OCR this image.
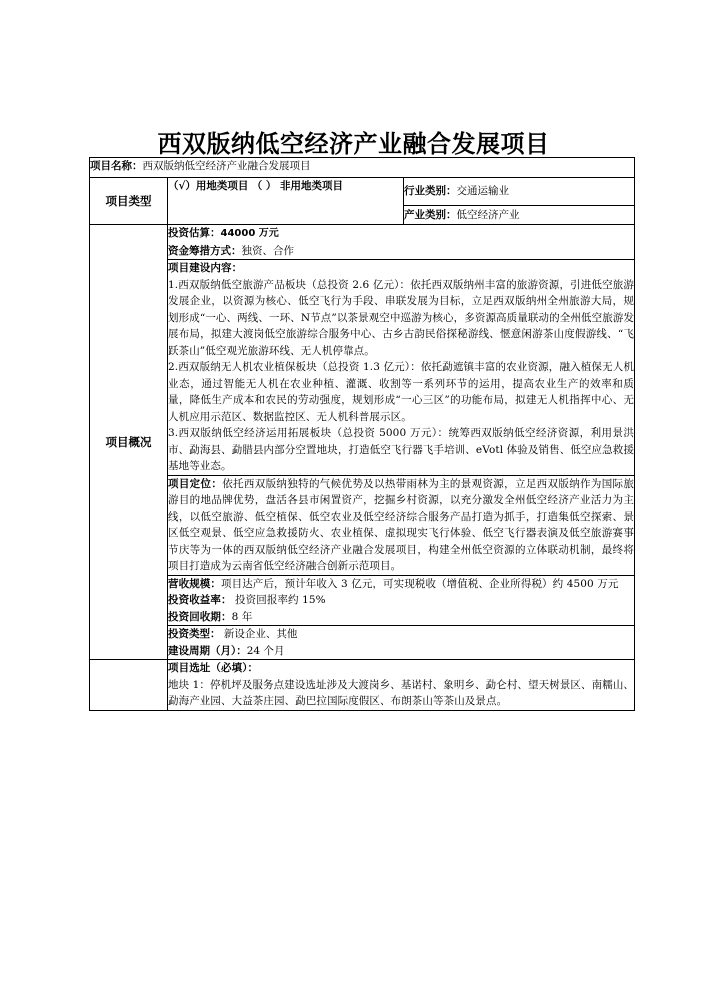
西双版纳低空经济产业融合发展项目
项目名称：西双版纳低空经济产业融合发展项目		
项目类型	（√）用地类项目 （ ） 非用地类项目	行业类别：交通运输业
		产业类别：低空经济产业
项目概况	投资估算：44000 万元
资金筹措方式：独资、合作	

	项目建设内容：
1.西双版纳低空旅游产品板块（总投资 2.6 亿元）：依托西双版纳州丰富的旅游资源，引进低空旅游发展企业，以资源为核心、低空飞行为手段、串联发展为目标，立足西双版纳州全州旅游大局，规划形成“一心、两线、一环、N节点”以茶景观空中巡游为核心，多资源高质量联动的全州低空旅游发展布局，拟建大渡岗低空旅游综合服务中心、古乡古韵民俗探秘游线、惬意闲游茶山度假游线、“飞跃茶山”低空观光旅游环线、无人机停靠点。
2.西双版纳无人机农业植保板块（总投资 1.3 亿元）：依托勐遮镇丰富的农业资源，融入植保无人机业态，通过智能无人机在农业种植、灌溉、收割等一系列环节的运用，提高农业生产的效率和质量，降低生产成本和农民的劳动强度，规划形成“一心三区”的功能布局，拟建无人机指挥中心、无人机应用示范区、数据监控区、无人机科普展示区。
3.西双版纳低空经济运用拓展板块（总投资 5000 万元）：统筹西双版纳低空经济资源，利用景洪市、勐海县、勐腊县内部分空置地块，打造低空飞行器飞手培训、eVotl 体验及销售、低空应急救援基地等业态。	

	项目定位：依托西双版纳独特的气候优势及以热带雨林为主的景观资源，立足西双版纳作为国际旅游目的地品牌优势，盘活各县市闲置资产，挖掘乡村资源，以充分激发全州低空经济产业活力为主线，以低空旅游、低空植保、低空农业及低空经济综合服务产品打造为抓手，打造集低空探索、景区低空观景、低空应急救援防火、农业植保、虚拟现实飞行体验、低空飞行器表演及低空旅游赛事节庆等为一体的西双版纳低空经济产业融合发展项目，构建全州低空资源的立体联动机制，最终将项目打造成为云南省低空经济融合创新示范项目。	

	营收规模：项目达产后，预计年收入 3 亿元，可实现税收（增值税、企业所得税）约 4500 万元
投资收益率： 投资回报率约 15%
投资回收期：8 年	

	投资类型： 新设企业、其他
建设周期（月）：24 个月	

	项目选址（必填）：
地块 1：停机坪及服务点建设选址涉及大渡岗乡、基诺村、象明乡、勐仑村、望天树景区、南糯山、勐海产业园、大益茶庄园、勐巴拉国际度假区、布朗茶山等茶山及景点。	
